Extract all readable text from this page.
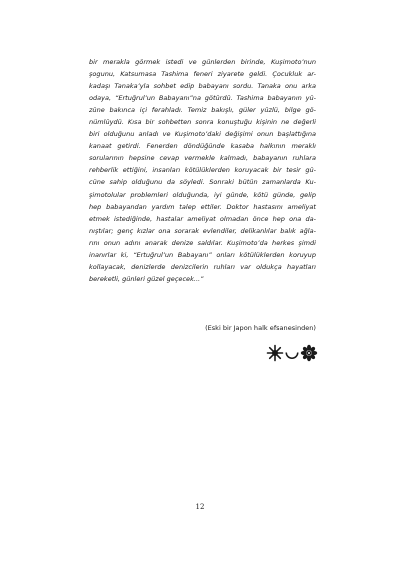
bir merakla görmek istedi ve günlerden birinde, Kuşimoto’nun
şogunu, Katsumasa Tashima feneri ziyarete geldi. Çocukluk ar-
kadaşı Tanaka’yla sohbet edip babayanı sordu. Tanaka onu arka
odaya, “Ertuğrul’un Babayanı”na götürdü. Tashima babayanın yü-
züne bakınca içi ferahladı. Temiz bakışlı, güler yüzlü, bilge gö-
nümlüydü. Kısa bir sohbetten sonra konuştuğu kişinin ne değerli
biri olduğunu anladı ve Kuşimoto’daki değişimi onun başlattığına
kanaat getirdi. Fenerden döndüğünde kasaba halkının meraklı
sorularının hepsine cevap vermekle kalmadı, babayanın ruhlara
rehberlik ettiğini, insanları kötülüklerden koruyacak bir tesir gü-
cüne sahip olduğunu da söyledi. Sonraki bütün zamanlarda Ku-
şimotolular problemleri olduğunda, iyi günde, kötü günde, gelip
hep babayandan yardım talep ettiler. Doktor hastasını ameliyat
etmek istediğinde, hastalar ameliyat olmadan önce hep ona da-
nıştılar; genç kızlar ona sorarak evlendiler, delikanlılar balık ağla-
rını onun adını anarak denize saldılar. Kuşimoto’da herkes şimdi
inanırlar ki, “Ertuğrul’un Babayanı” onları kötülüklerden koruyup
kollayacak, denizlerde denizcilerin ruhları var oldukça hayatları
bereketli, günleri güzel geçecek...”

(Eski bir Japon halk efsanesinden)

12
